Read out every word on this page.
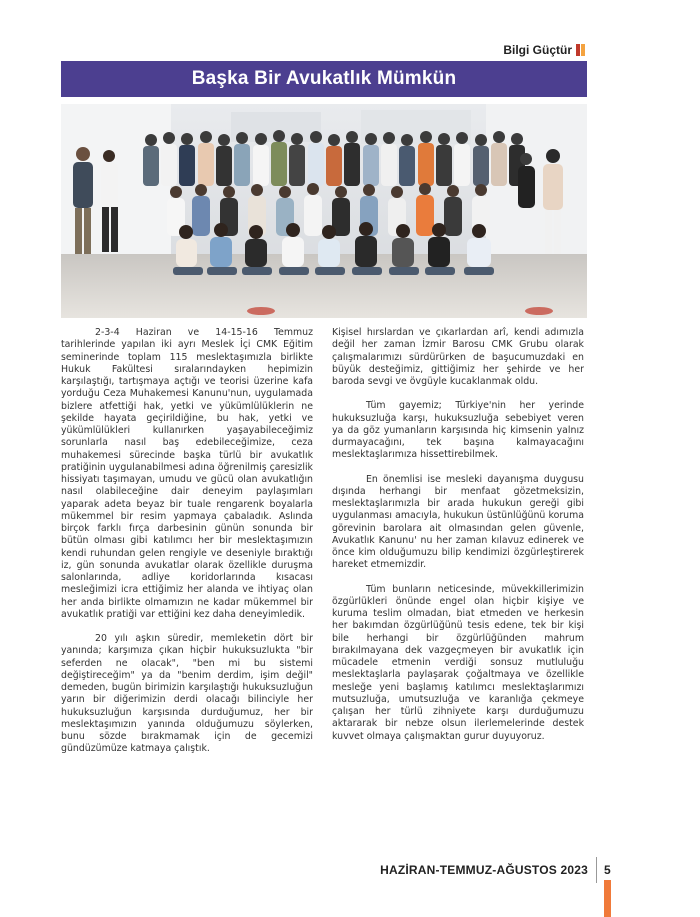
Bilgi Güçtür
Başka Bir Avukatlık Mümkün

2-3-4 Haziran ve 14-15-16 Temmuz tarihlerinde yapılan iki ayrı Meslek İçi CMK Eğitim seminerinde toplam 115 meslektaşımızla birlikte Hukuk Fakültesi sıralarındayken hepimizin karşılaştığı, tartışmaya açtığı ve teorisi üzerine kafa yorduğu Ceza Muhakemesi Kanunu'nun, uygulamada bizlere atfettiği hak, yetki ve yükümlülüklerin ne şekilde hayata geçirildiğine, bu hak, yetki ve yükümlülükleri kullanırken yaşayabileceğimiz sorunlarla nasıl baş edebileceğimize, ceza muhakemesi sürecinde başka türlü bir avukatlık pratiğinin uygulanabilmesi adına öğrenilmiş çaresizlik hissiyatı taşımayan, umudu ve gücü olan avukatlığın nasıl olabileceğine dair deneyim paylaşımları yaparak adeta beyaz bir tuale rengarenk boyalarla mükemmel bir resim yapmaya çabaladık. Aslında birçok farklı fırça darbesinin günün sonunda bir bütün olması gibi katılımcı her bir meslektaşımızın kendi ruhundan gelen rengiyle ve deseniyle bıraktığı iz, gün sonunda avukatlar olarak özellikle duruşma salonlarında, adliye koridorlarında kısacası mesleğimizi icra ettiğimiz her alanda ve ihtiyaç olan her anda birlikte olmamızın ne kadar mükemmel bir avukatlık pratiği var ettiğini kez daha deneyimledik.

20 yılı aşkın süredir, memleketin dört bir yanında; karşımıza çıkan hiçbir hukuksuzlukta "bir seferden ne olacak", "ben mi bu sistemi değiştireceğim" ya da "benim derdim, işim değil" demeden, bugün birimizin karşılaştığı hukuksuzluğun yarın bir diğerimizin derdi olacağı bilinciyle her hukuksuzluğun karşısında durduğumuz, her bir meslektaşımızın yanında olduğumuzu söylerken, bunu sözde bırakmamak için de gecemizi gündüzümüze katmaya çalıştık.

Kişisel hırslardan ve çıkarlardan arî, kendi adımızla değil her zaman İzmir Barosu CMK Grubu olarak çalışmalarımızı sürdürürken de başucumuzdaki en büyük desteğimiz, gittiğimiz her şehirde ve her baroda sevgi ve övgüyle kucaklanmak oldu.

Tüm gayemiz; Türkiye'nin her yerinde hukuksuzluğa karşı, hukuksuzluğa sebebiyet veren ya da göz yumanların karşısında hiç kimsenin yalnız durmayacağını, tek başına kalmayacağını meslektaşlarımıza hissettirebilmek.

En önemlisi ise mesleki dayanışma duygusu dışında herhangi bir menfaat gözetmeksizin, meslektaşlarımızla bir arada hukukun gereği gibi uygulanması amacıyla, hukukun üstünlüğünü koruma görevinin barolara ait olmasından gelen güvenle, Avukatlık Kanunu' nu her zaman kılavuz edinerek ve önce kim olduğumuzu bilip kendimizi özgürleştirerek hareket etmemizdir.

Tüm bunların neticesinde, müvekkillerimizin özgürlükleri önünde engel olan hiçbir kişiye ve kuruma teslim olmadan, biat etmeden ve herkesin her bakımdan özgürlüğünü tesis edene, tek bir kişi bile herhangi bir özgürlüğünden mahrum bırakılmayana dek vazgeçmeyen bir avukatlık için mücadele etmenin verdiği sonsuz mutluluğu meslektaşlarla paylaşarak çoğaltmaya ve özellikle mesleğe yeni başlamış katılımcı meslektaşlarımızı mutsuzluğa, umutsuzluğa ve karanlığa çekmeye çalışan her türlü zihniyete karşı durduğumuzu aktararak bir nebze olsun ilerlemelerinde destek kuvvet olmaya çalışmaktan gurur duyuyoruz.

HAZİRAN-TEMMUZ-AĞUSTOS 2023 5
